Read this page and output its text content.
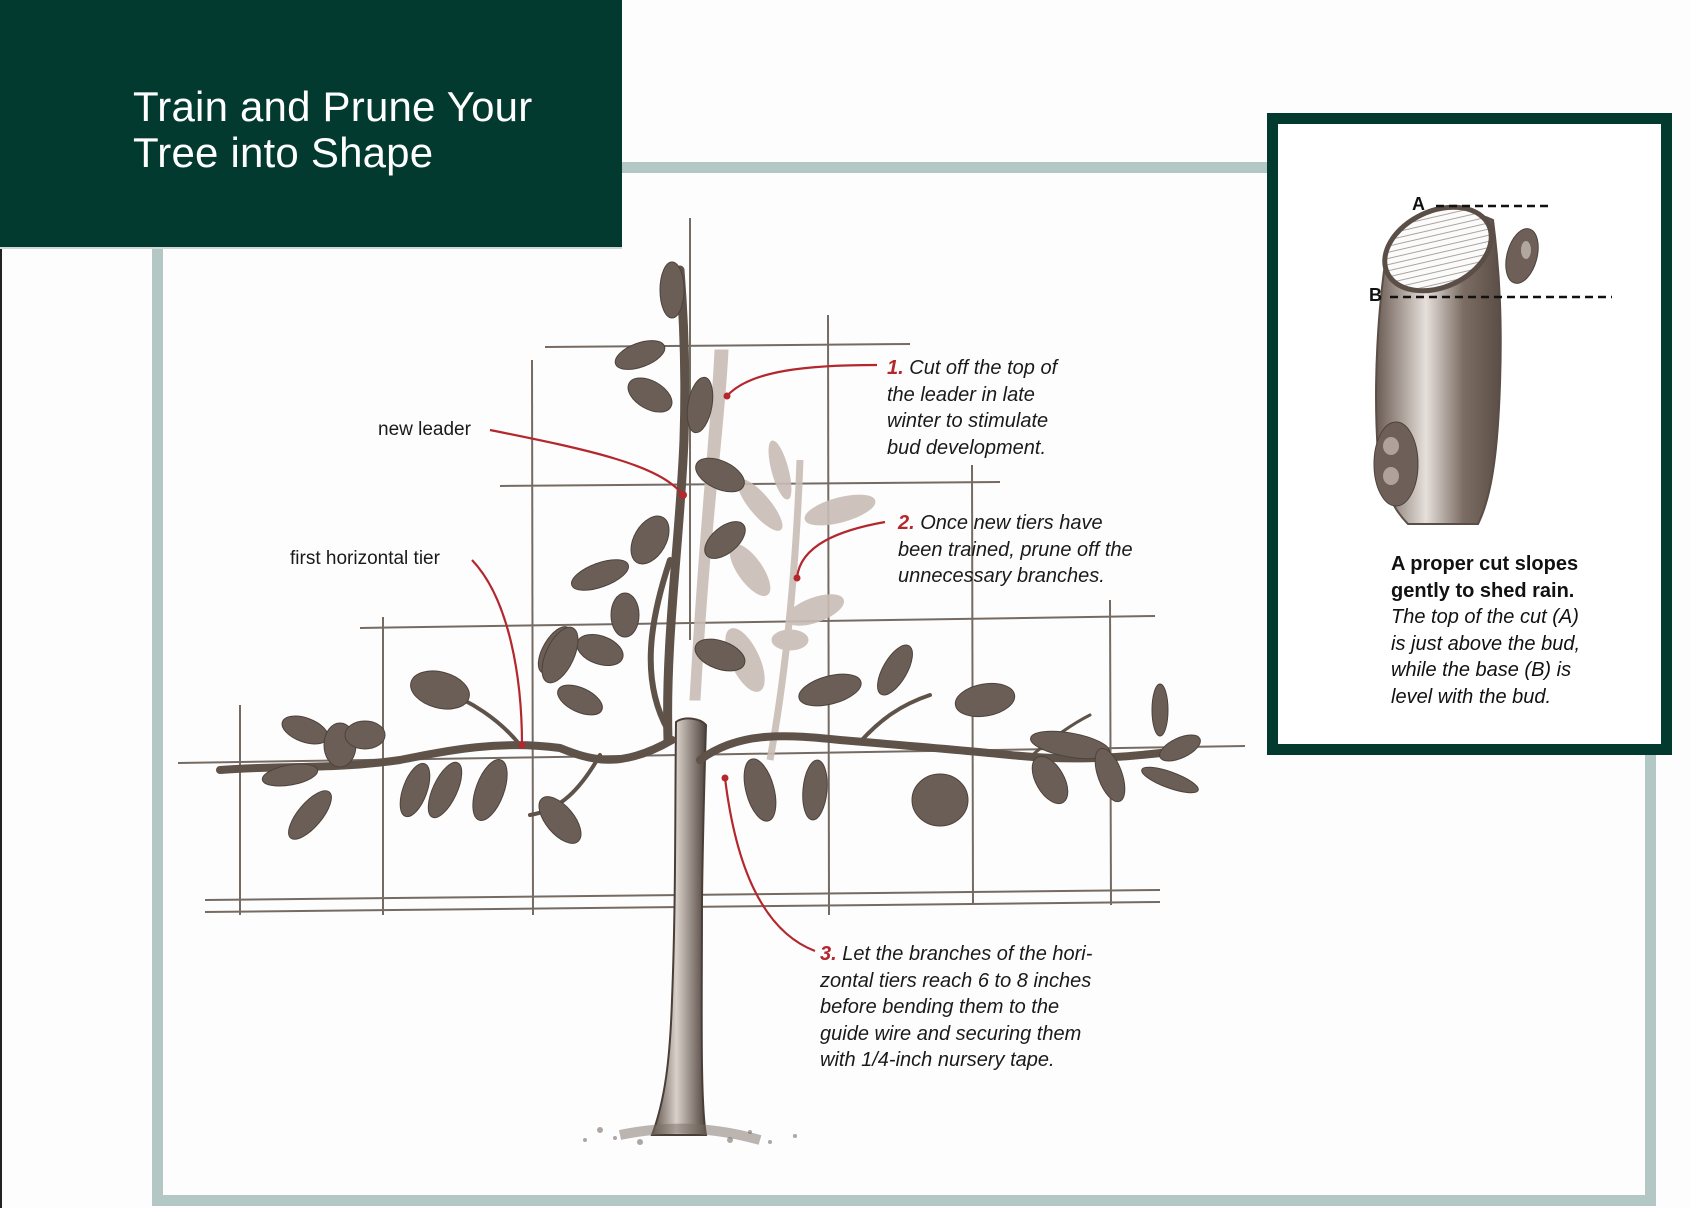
Train and Prune Your
Tree into Shape
new leader
first horizontal tier

1. Cut off the top of
the leader in late
winter to stimulate
bud development.

2. Once new tiers have
been trained, prune off the
unnecessary branches.

3. Let the branches of the hori-
zontal tiers reach 6 to 8 inches
before bending them to the
guide wire and securing them
with 1/4-inch nursery tape.

A
B

A proper cut slopes
gently to shed rain.
The top of the cut (A)
is just above the bud,
while the base (B) is
level with the bud.
